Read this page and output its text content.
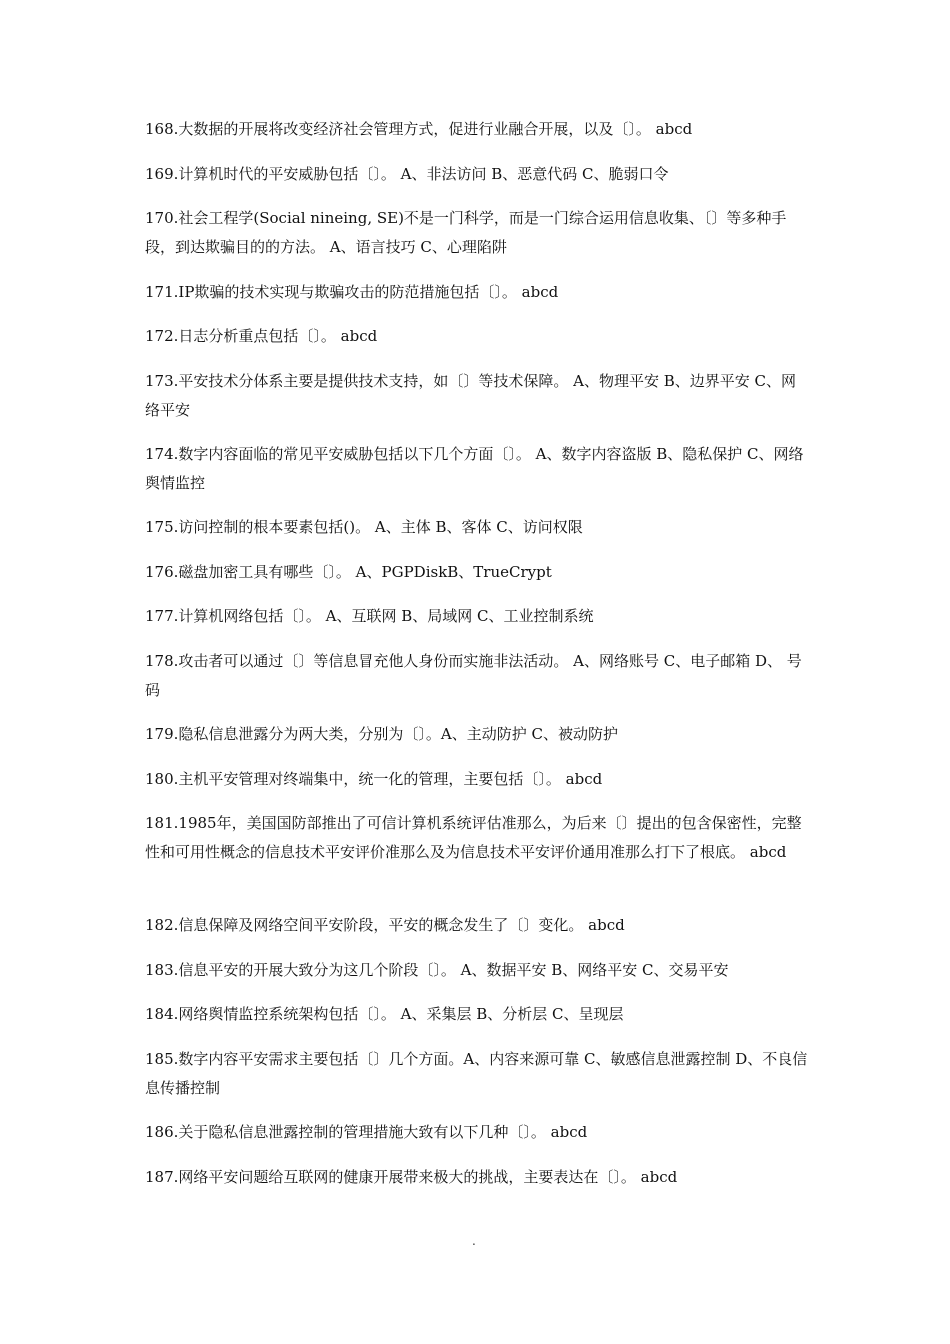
168.大数据的开展将改变经济社会管理方式，促进行业融合开展，以及〔〕。 abcd

169.计算机时代的平安威胁包括〔〕。 A、非法访问 B、恶意代码 C、脆弱口令

170.社会工程学(Social nineing, SE)不是一门科学，而是一门综合运用信息收集、〔〕等多种手段，到达欺骗目的的方法。 A、语言技巧 C、心理陷阱

171.IP欺骗的技术实现与欺骗攻击的防范措施包括〔〕。 abcd

172.日志分析重点包括〔〕。 abcd

173.平安技术分体系主要是提供技术支持，如〔〕等技术保障。 A、物理平安 B、边界平安 C、网络平安

174.数字内容面临的常见平安威胁包括以下几个方面〔〕。 A、数字内容盗版 B、隐私保护 C、网络舆情监控

175.访问控制的根本要素包括()。 A、主体 B、客体 C、访问权限

176.磁盘加密工具有哪些〔〕。 A、PGPDiskB、TrueCrypt

177.计算机网络包括〔〕。 A、互联网 B、局域网 C、工业控制系统

178.攻击者可以通过〔〕等信息冒充他人身份而实施非法活动。 A、网络账号 C、电子邮箱 D、 号码

179.隐私信息泄露分为两大类，分别为〔〕。A、主动防护 C、被动防护

180.主机平安管理对终端集中，统一化的管理，主要包括〔〕。 abcd

181.1985年，美国国防部推出了可信计算机系统评估准那么，为后来〔〕提出的包含保密性，完整性和可用性概念的信息技术平安评价准那么及为信息技术平安评价通用准那么打下了根底。 abcd

182.信息保障及网络空间平安阶段，平安的概念发生了〔〕变化。 abcd

183.信息平安的开展大致分为这几个阶段〔〕。 A、数据平安 B、网络平安 C、交易平安

184.网络舆情监控系统架构包括〔〕。 A、采集层 B、分析层 C、呈现层

185.数字内容平安需求主要包括〔〕几个方面。A、内容来源可靠 C、敏感信息泄露控制 D、不良信息传播控制

186.关于隐私信息泄露控制的管理措施大致有以下几种〔〕。 abcd

187.网络平安问题给互联网的健康开展带来极大的挑战，主要表达在〔〕。 abcd

.
